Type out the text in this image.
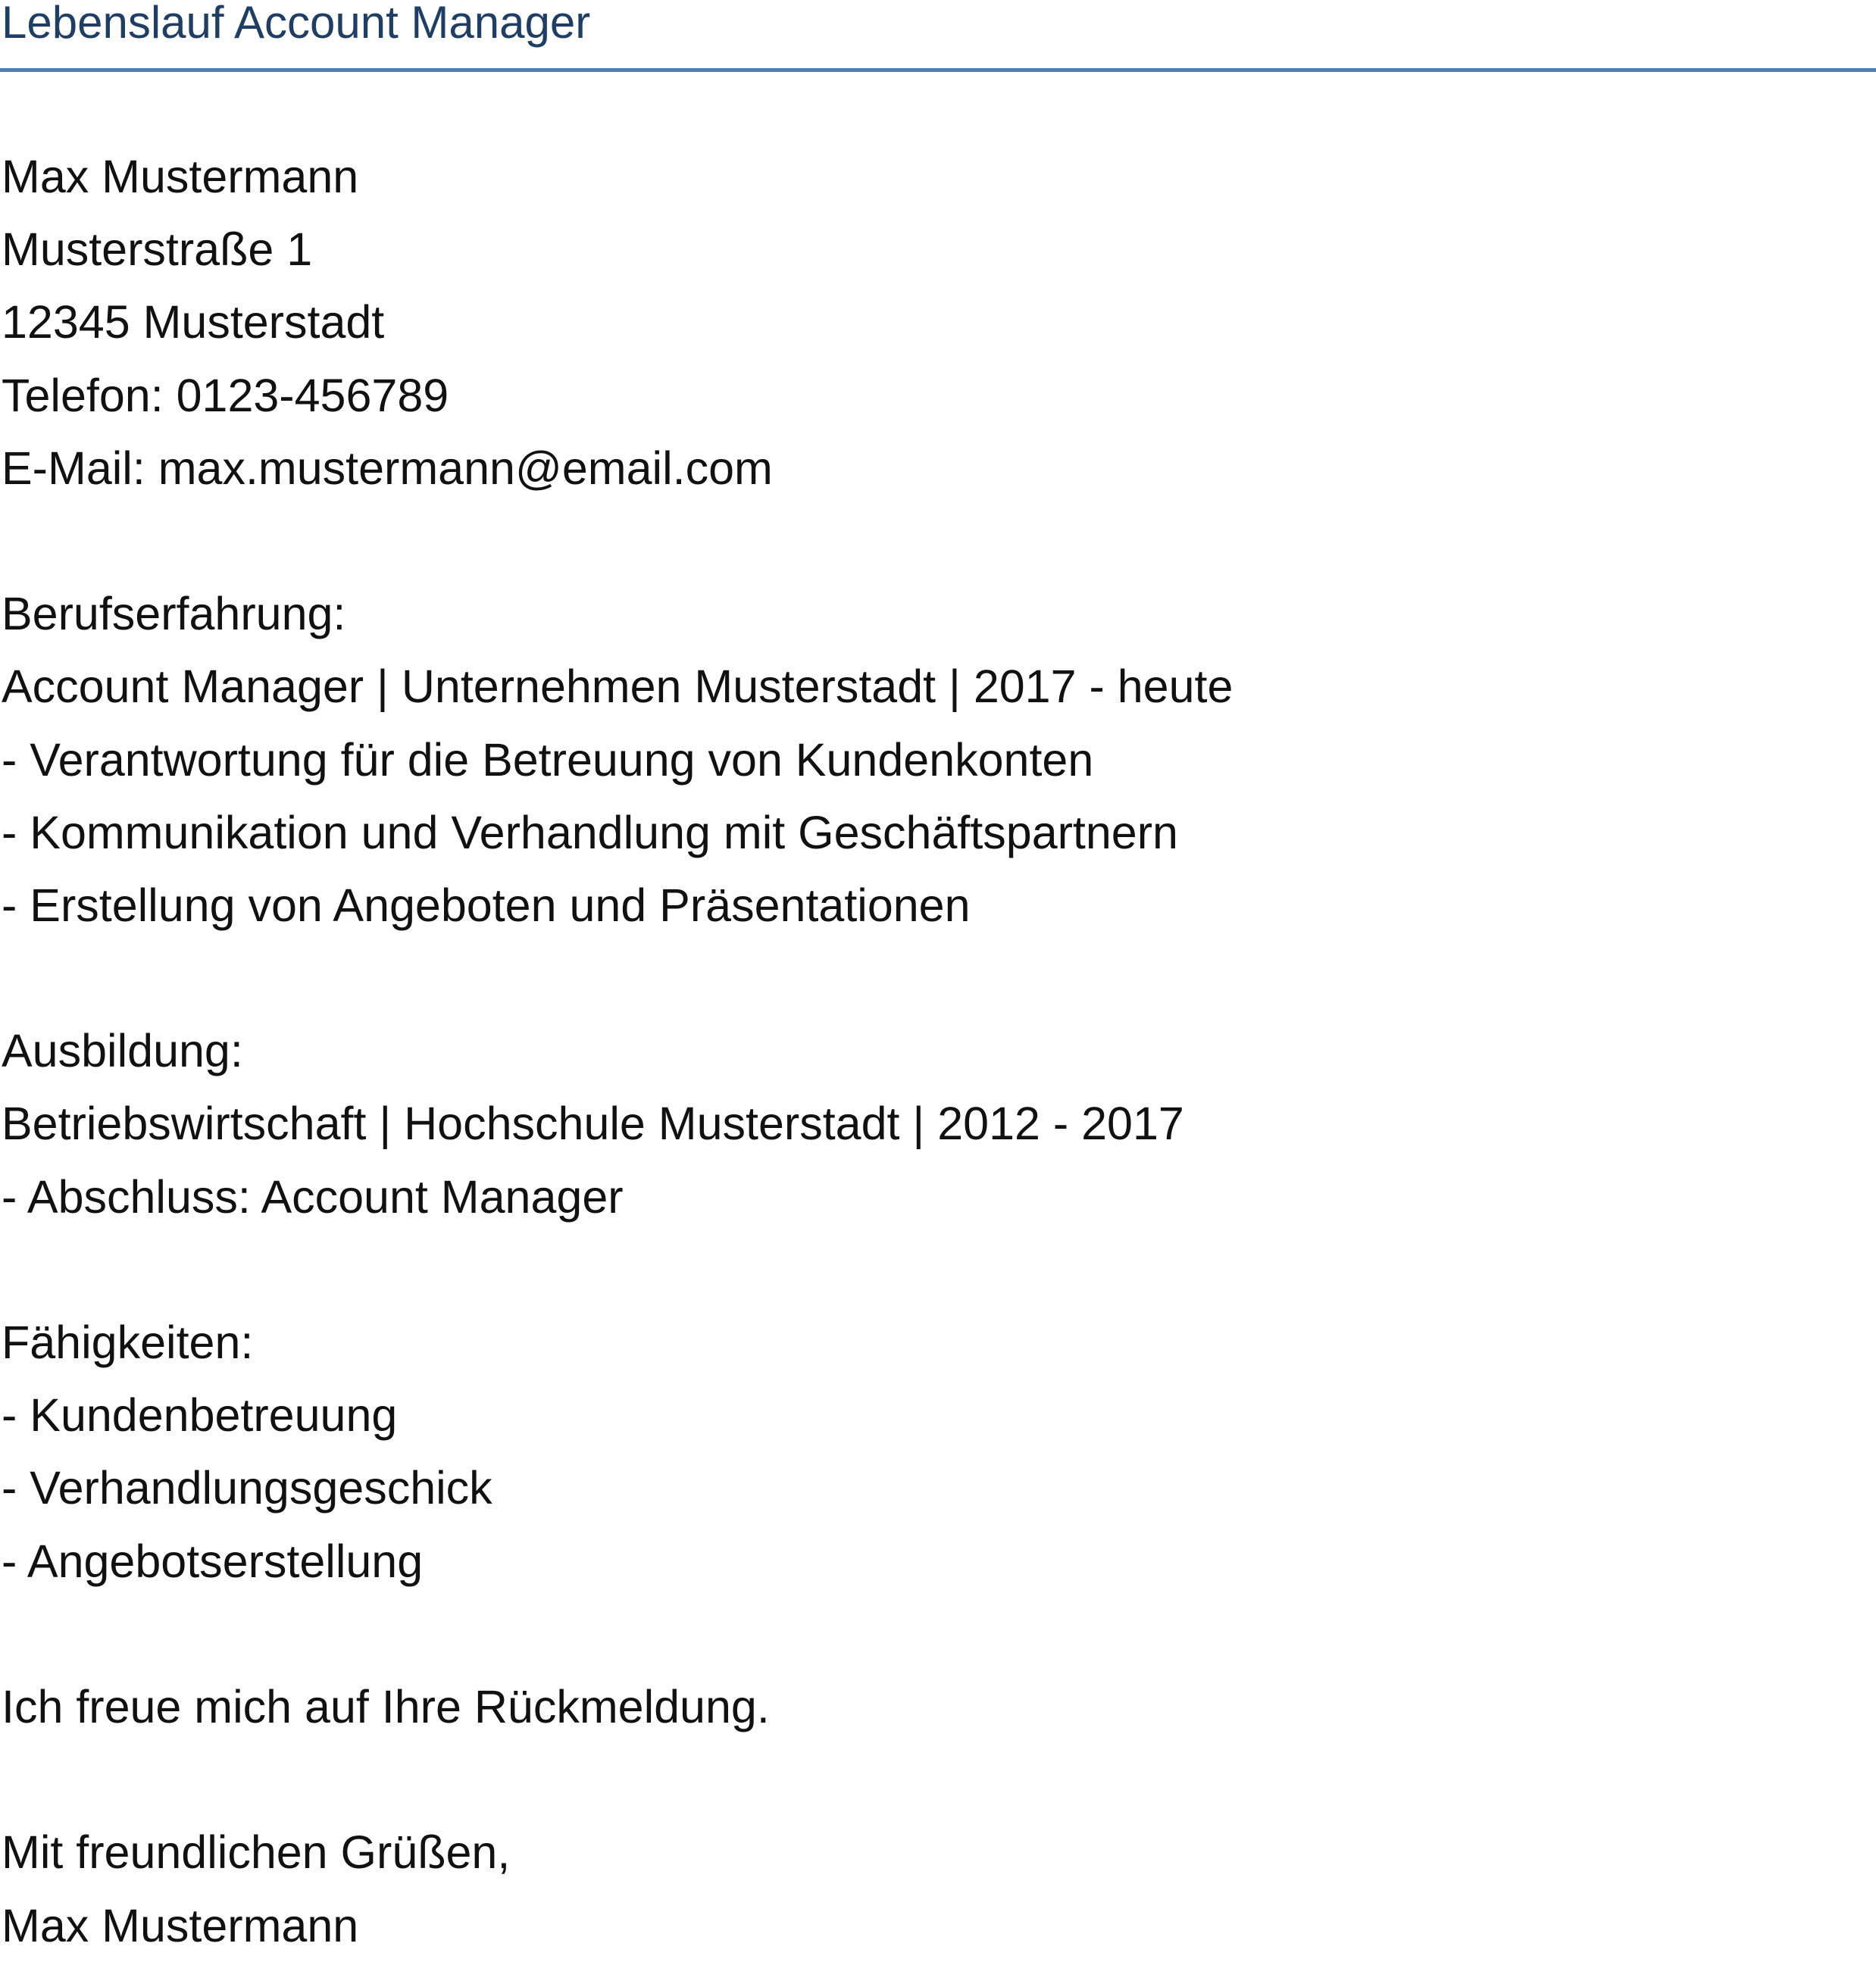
Lebenslauf Account Manager
Max Mustermann
Musterstraße 1
12345 Musterstadt
Telefon: 0123-456789
E-Mail: max.mustermann@email.com
Berufserfahrung:
Account Manager | Unternehmen Musterstadt | 2017 - heute
- Verantwortung für die Betreuung von Kundenkonten
- Kommunikation und Verhandlung mit Geschäftspartnern
- Erstellung von Angeboten und Präsentationen
Ausbildung:
Betriebswirtschaft | Hochschule Musterstadt | 2012 - 2017
- Abschluss: Account Manager
Fähigkeiten:
- Kundenbetreuung
- Verhandlungsgeschick
- Angebotserstellung
Ich freue mich auf Ihre Rückmeldung.
Mit freundlichen Grüßen,
Max Mustermann
